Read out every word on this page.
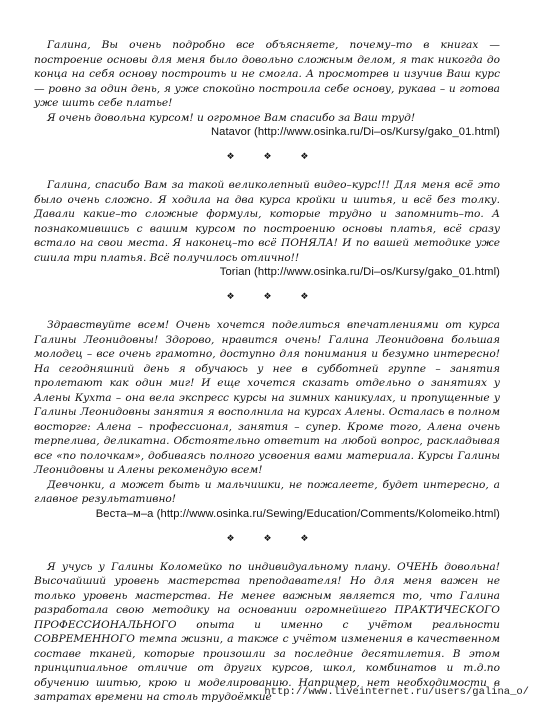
Галина, Вы очень подробно все объясняете, почему–то в книгах — построение основы для меня было довольно сложным делом, я так никогда до конца на себя основу построить и не смогла. А просмотрев и изучив Ваш курс — ровно за один день, я уже спокойно построила себе основу, рукава – и готова уже шить себе платье!

Я очень довольна курсом! и огромное Вам спасибо за Ваш труд!

Natavor (http://www.osinka.ru/Di–os/Kursy/gako_01.html)
❖ ❖ ❖

Галина, спасибо Вам за такой великолепный видео–курс!!! Для меня всё это было очень сложно. Я ходила на два курса кройки и шитья, и всё без толку. Давали какие–то сложные формулы, которые трудно и запомнить–то. А познакомившись с вашим курсом по построению основы платья, всё сразу встало на свои места. Я наконец–то всё ПОНЯЛА! И по вашей методике уже сшила три платья. Всё получилось отлично!!

Torian (http://www.osinka.ru/Di–os/Kursy/gako_01.html)
❖ ❖ ❖

Здравствуйте всем! Очень хочется поделиться впечатлениями от курса Галины Леонидовны! Здорово, нравится очень! Галина Леонидовна большая молодец – все очень грамотно, доступно для понимания и безумно интересно! На сегодняшний день я обучаюсь у нее в субботней группе – занятия пролетают как один миг! И еще хочется сказать отдельно о занятиях у Алены Кухта – она вела экспресс курсы на зимних каникулах, и пропущенные у Галины Леонидовны занятия я восполнила на курсах Алены. Осталась в полном восторге: Алена – профессионал, занятия – супер. Кроме того, Алена очень терпелива, деликатна. Обстоятельно ответит на любой вопрос, раскладывая все «по полочкам», добиваясь полного усвоения вами материала. Курсы Галины Леонидовны и Алены рекомендую всем!

Девчонки, а может быть и мальчишки, не пожалеете, будет интересно, а главное результативно!

Веста–м–а (http://www.osinka.ru/Sewing/Education/Comments/Kolomeiko.html)
❖ ❖ ❖

Я учусь у Галины Коломейко по индивидуальному плану. ОЧЕНЬ довольна! Высочайший уровень мастерства преподавателя! Но для меня важен не только уровень мастерства. Не менее важным является то, что Галина разработала свою методику на основании огромнейшего ПРАКТИЧЕСКОГО ПРОФЕССИОНАЛЬНОГО опыта и именно с учётом реальности СОВРЕМЕННОГО темпа жизни, а также с учётом изменения в качественном составе тканей, которые произошли за последние десятилетия. В этом принципиальное отличие от других курсов, школ, комбинатов и т.д.по обучению шитью, крою и моделированию. Например, нет необходимости в затратах времени на столь трудоёмкие

http://www.liveinternet.ru/users/galina_o/
